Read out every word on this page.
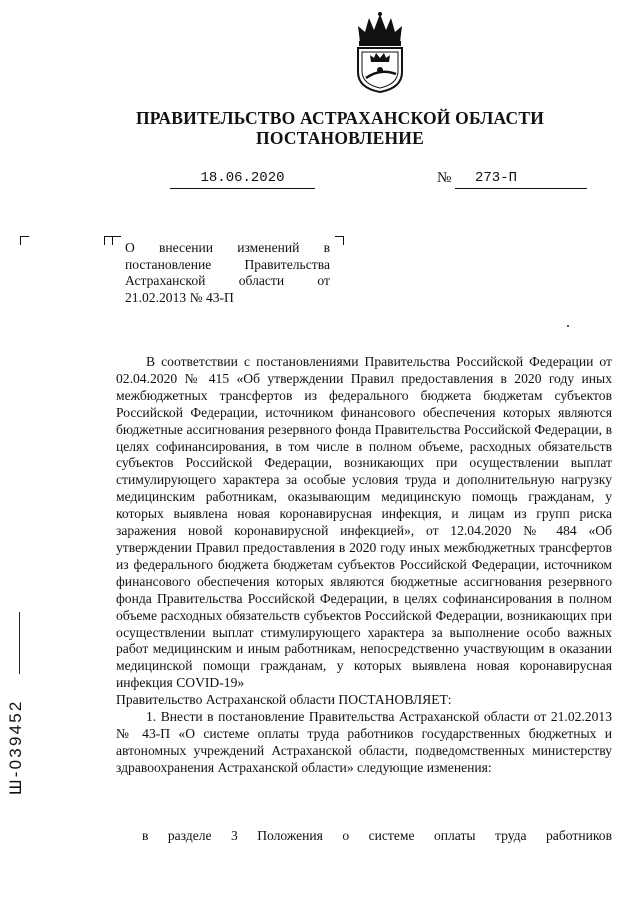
ПРАВИТЕЛЬСТВО АСТРАХАНСКОЙ ОБЛАСТИ
ПОСТАНОВЛЕНИЕ
18.06.2020	№	273-П
О внесении изменений в постановление Правительства Астраханской области от 21.02.2013 № 43-П

В соответствии с постановлениями Правительства Российской Федерации от 02.04.2020 № 415 «Об утверждении Правил предоставления в 2020 году иных межбюджетных трансфертов из федерального бюджета бюджетам субъектов Российской Федерации, источником финансового обеспечения которых являются бюджетные ассигнования резервного фонда Правительства Российской Федерации, в целях софинансирования, в том числе в полном объеме, расходных обязательств субъектов Российской Федерации, возникающих при осуществлении выплат стимулирующего характера за особые условия труда и дополнительную нагрузку медицинским работникам, оказывающим медицинскую помощь гражданам, у которых выявлена новая коронавирусная инфекция, и лицам из групп риска заражения новой коронавирусной инфекцией», от 12.04.2020 № 484 «Об утверждении Правил предоставления в 2020 году иных межбюджетных трансфертов из федерального бюджета бюджетам субъектов Российской Федерации, источником финансового обеспечения которых являются бюджетные ассигнования резервного фонда Правительства Российской Федерации, в целях софинансирования в полном объеме расходных обязательств субъектов Российской Федерации, возникающих при осуществлении выплат стимулирующего характера за выполнение особо важных работ медицинским и иным работникам, непосредственно участвующим в оказании медицинской помощи гражданам, у которых выявлена новая коронавирусная инфекция COVID-19»

Правительство Астраханской области ПОСТАНОВЛЯЕТ:

1. Внести в постановление Правительства Астраханской области от 21.02.2013 № 43-П «О системе оплаты труда работников государственных бюджетных и автономных учреждений Астраханской области, подведомственных министерству здравоохранения Астраханской области» следующие изменения:

в разделе 3 Положения о системе оплаты труда работников
Ш-039452
